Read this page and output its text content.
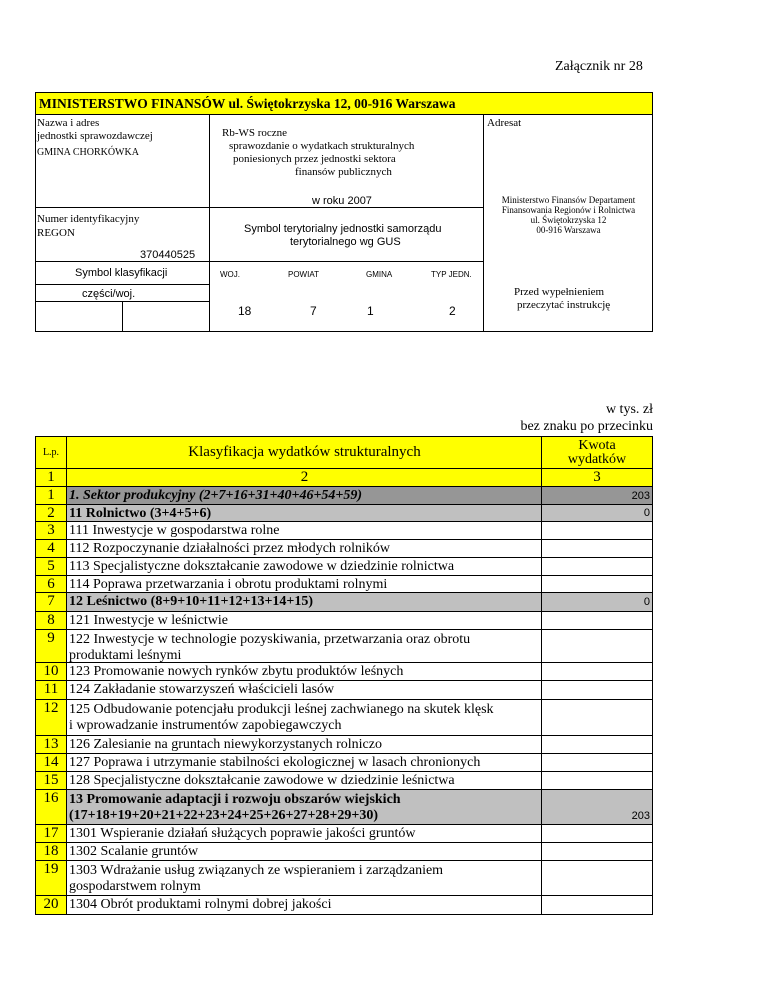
Załącznik nr 28
MINISTERSTWO FINANSÓW ul. Świętokrzyska 12, 00-916 Warszawa
Nazwa i adres
jednostki sprawozdawczej
GMINA CHORKÓWKA
Rb-WS roczne
sprawozdanie o wydatkach strukturalnych
poniesionych przez jednostki sektora
finansów publicznych
w roku 2007
Adresat
Ministerstwo Finansów Departament
Finansowania Regionów i Rolnictwa
ul. Świętokrzyska 12
00-916 Warszawa
Numer identyfikacyjny
REGON
370440525
Symbol terytorialny jednostki samorządu
terytorialnego wg GUS
Symbol klasyfikacji
części/woj.
WOJ.	POWIAT	GMINA	TYP JEDN.
18	7	1	2
Przed wypełnieniem
przeczytać instrukcję
w tys. zł
bez znaku po przecinku
L.p.	Klasyfikacja wydatków strukturalnych	Kwota
wydatków
1	2	3
1	1. Sektor produkcyjny (2+7+16+31+40+46+54+59)	203
2	11 Rolnictwo (3+4+5+6)	0
3	111 Inwestycje w gospodarstwa rolne
4	112 Rozpoczynanie działalności przez młodych rolników
5	113 Specjalistyczne dokształcanie zawodowe w dziedzinie rolnictwa
6	114 Poprawa przetwarzania i obrotu produktami rolnymi
7	12 Leśnictwo (8+9+10+11+12+13+14+15)	0
8	121 Inwestycje w leśnictwie
9	122 Inwestycje w technologie pozyskiwania, przetwarzania oraz obrotu
produktami leśnymi
10 123 Promowanie nowych rynków zbytu produktów leśnych
11 124 Zakładanie stowarzyszeń właścicieli lasów
12 125 Odbudowanie potencjału produkcji leśnej zachwianego na skutek klęsk
i wprowadzanie instrumentów zapobiegawczych
13 126 Zalesianie na gruntach niewykorzystanych rolniczo
14 127 Poprawa i utrzymanie stabilności ekologicznej w lasach chronionych
15 128 Specjalistyczne dokształcanie zawodowe w dziedzinie leśnictwa
16 13 Promowanie adaptacji i rozwoju obszarów wiejskich
(17+18+19+20+21+22+23+24+25+26+27+28+29+30)	203
17 1301 Wspieranie działań służących poprawie jakości gruntów
18 1302 Scalanie gruntów
19 1303 Wdrażanie usług związanych ze wspieraniem i zarządzaniem
gospodarstwem rolnym
20 1304 Obrót produktami rolnymi dobrej jakości
